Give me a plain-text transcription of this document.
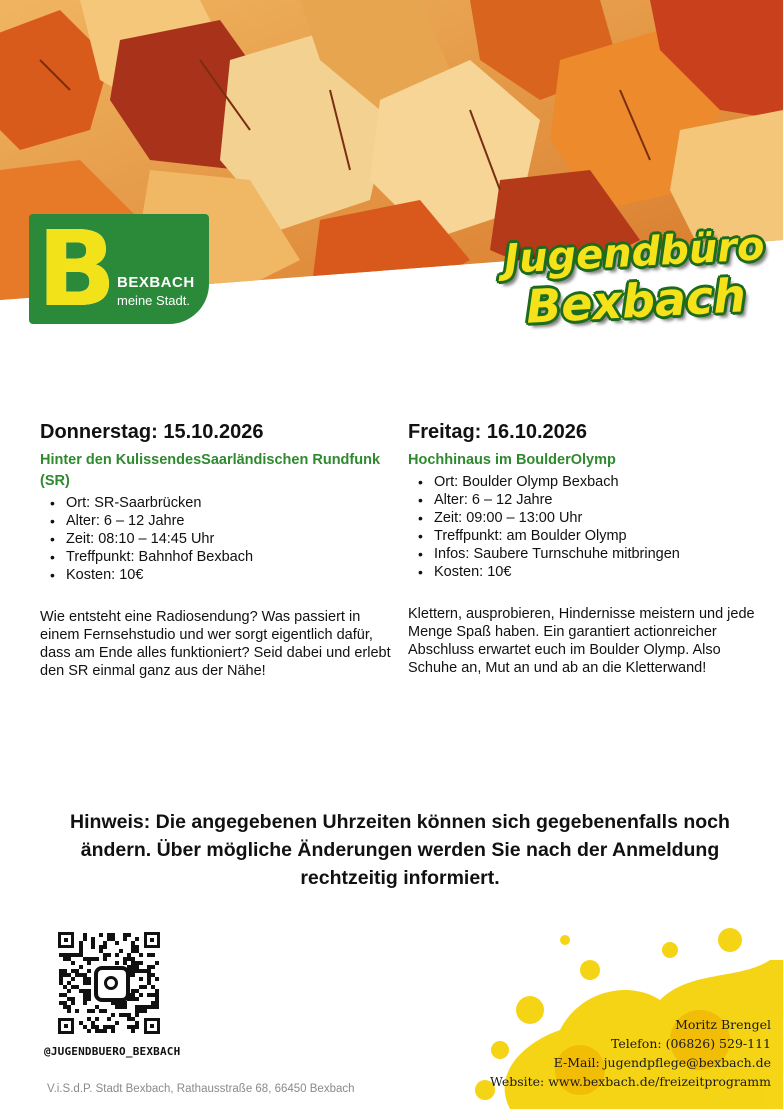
B BEXBACH
meine Stadt.
Jugendbüro
Bexbach
Donnerstag: 15.10.2026
Hinter den KulissendesSaarländischen Rundfunk (SR)
• Ort: SR-Saarbrücken
• Alter: 6 – 12 Jahre
• Zeit: 08:10 – 14:45 Uhr
• Treffpunkt: Bahnhof Bexbach
• Kosten: 10€
Wie entsteht eine Radiosendung? Was passiert in einem Fernsehstudio und wer sorgt eigentlich dafür, dass am Ende alles funktioniert? Seid dabei und erlebt den SR einmal ganz aus der Nähe!
Freitag: 16.10.2026
Hochhinaus im BoulderOlymp
• Ort: Boulder Olymp Bexbach
• Alter: 6 – 12 Jahre
• Zeit: 09:00 – 13:00 Uhr
• Treffpunkt: am Boulder Olymp
• Infos: Saubere Turnschuhe mitbringen
• Kosten: 10€
Klettern, ausprobieren, Hindernisse meistern und jede Menge Spaß haben. Ein garantiert actionreicher Abschluss erwartet euch im Boulder Olymp. Also Schuhe an, Mut an und ab an die Kletterwand!
Hinweis: Die angegebenen Uhrzeiten können sich gegebenenfalls noch ändern. Über mögliche Änderungen werden Sie nach der Anmeldung rechtzeitig informiert.
@JUGENDBUERO_BEXBACH
Moritz Brengel
Telefon: (06826) 529-111
E-Mail: jugendpflege@bexbach.de
Website: www.bexbach.de/freizeitprogramm
V.i.S.d.P. Stadt Bexbach, Rathausstraße 68, 66450 Bexbach
